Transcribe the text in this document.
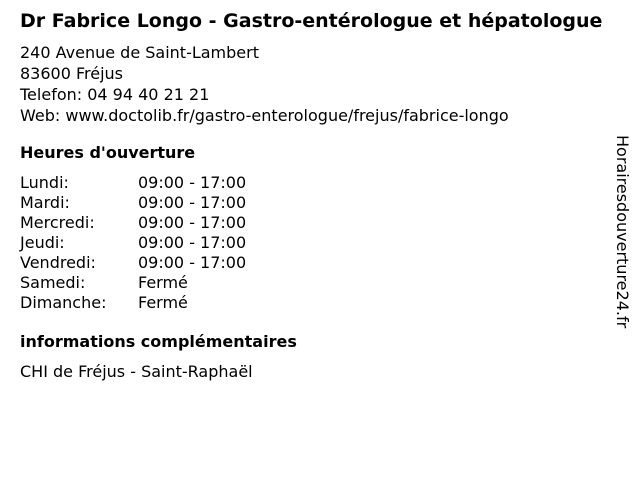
Dr Fabrice Longo - Gastro-entérologue et hépatologue
240 Avenue de Saint-Lambert
83600 Fréjus
Telefon: 04 94 40 21 21
Web: www.doctolib.fr/gastro-enterologue/frejus/fabrice-longo
Heures d'ouverture
Lundi:	09:00 - 17:00
Mardi:	09:00 - 17:00
Mercredi:	09:00 - 17:00
Jeudi:	09:00 - 17:00
Vendredi:	09:00 - 17:00
Samedi:	Fermé
Dimanche:	Fermé
informations complémentaires
CHI de Fréjus - Saint-Raphaël
Horairesdouverture24.fr
